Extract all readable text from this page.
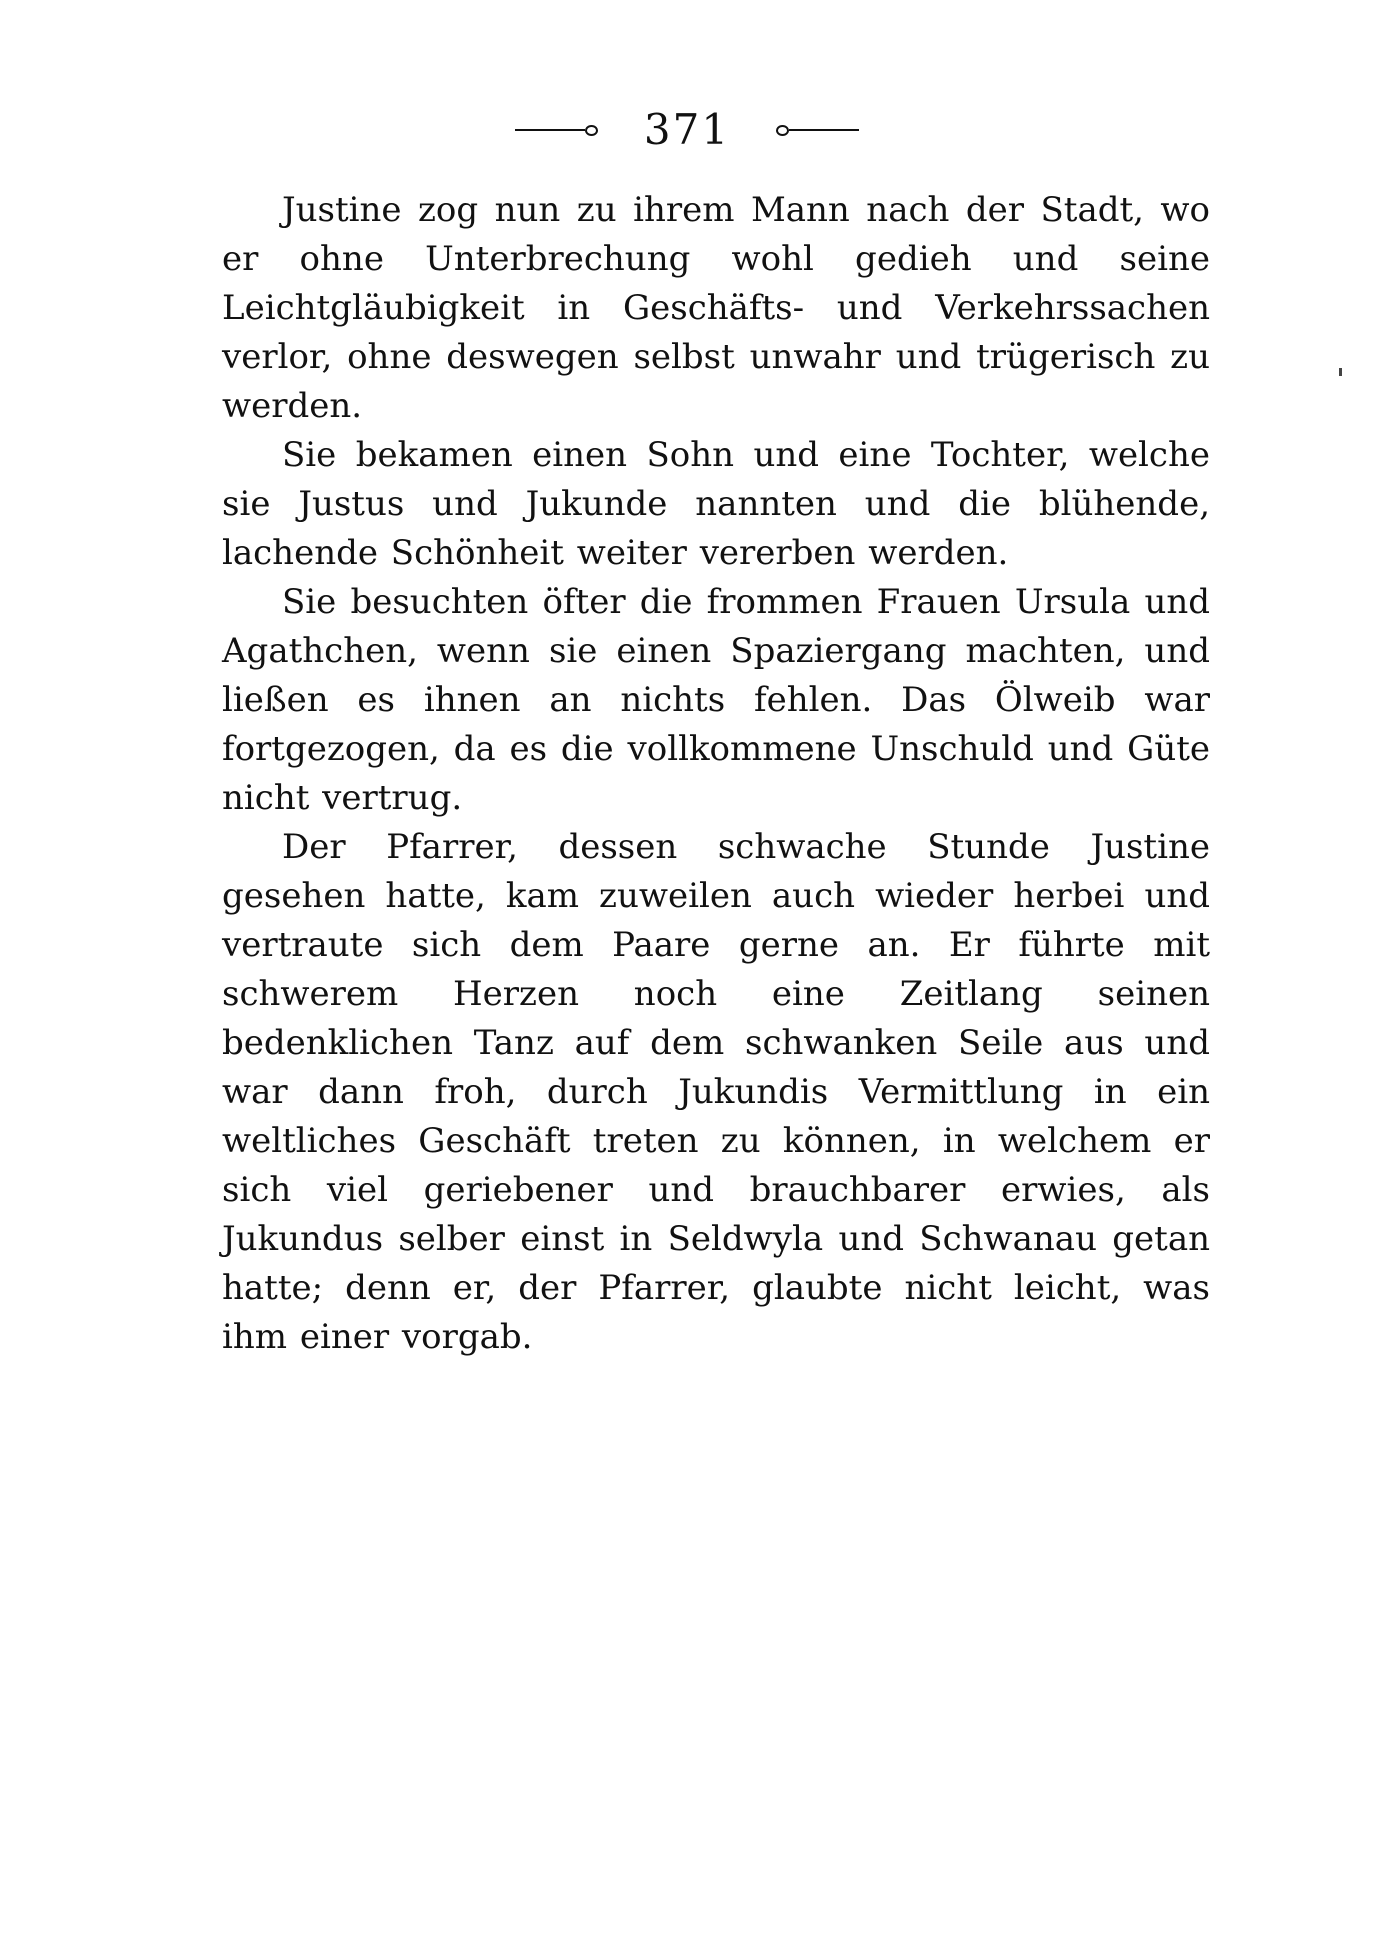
371

Justine zog nun zu ihrem Mann nach der Stadt, wo er ohne Unterbrechung wohl gedieh und seine Leichtgläubigkeit in Geschäfts- und Verkehrssachen verlor, ohne deswegen selbst unwahr und trügerisch zu werden.

Sie bekamen einen Sohn und eine Tochter, welche sie Justus und Jukunde nannten und die blühende, lachende Schönheit weiter vererben werden.

Sie besuchten öfter die frommen Frauen Ursula und Agathchen, wenn sie einen Spaziergang machten, und ließen es ihnen an nichts fehlen. Das Ölweib war fortgezogen, da es die vollkommene Unschuld und Güte nicht vertrug.

Der Pfarrer, dessen schwache Stunde Justine gesehen hatte, kam zuweilen auch wieder herbei und vertraute sich dem Paare gerne an. Er führte mit schwerem Herzen noch eine Zeitlang seinen bedenklichen Tanz auf dem schwanken Seile aus und war dann froh, durch Jukundis Vermittlung in ein weltliches Geschäft treten zu können, in welchem er sich viel geriebener und brauchbarer erwies, als Jukundus selber einst in Seldwyla und Schwanau getan hatte; denn er, der Pfarrer, glaubte nicht leicht, was ihm einer vorgab.
